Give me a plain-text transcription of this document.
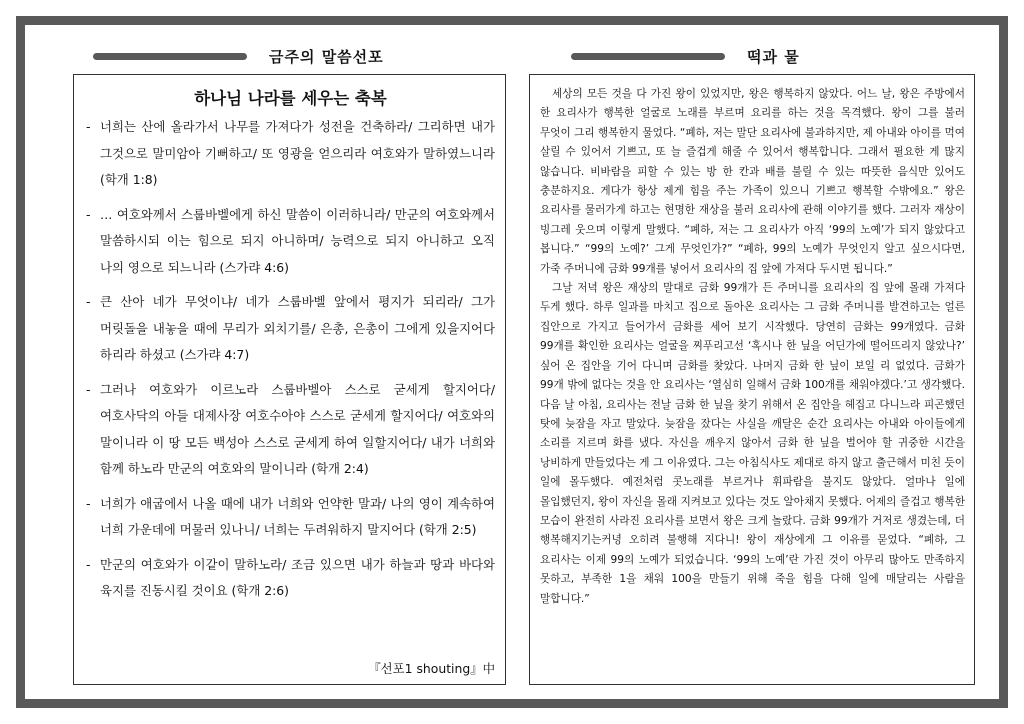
금주의 말씀선포	떡과 물
하나님 나라를 세우는 축복
- 너희는 산에 올라가서 나무를 가져다가 성전을 건축하라/ 그리하면 내가 그것으로 말미암아 기뻐하고/ 또 영광을 얻으리라 여호와가 말하였느니라 (학개 1:8)
- … 여호와께서 스룹바벨에게 하신 말씀이 이러하니라/ 만군의 여호와께서 말씀하시되 이는 힘으로 되지 아니하며/ 능력으로 되지 아니하고 오직 나의 영으로 되느니라 (스가랴 4:6)
- 큰 산아 네가 무엇이냐/ 네가 스룹바벨 앞에서 평지가 되리라/ 그가 머릿돌을 내놓을 때에 무리가 외치기를/ 은총, 은총이 그에게 있을지어다 하리라 하셨고 (스가랴 4:7)
- 그러나 여호와가 이르노라 스룹바벨아 스스로 굳세게 할지어다/ 여호사닥의 아들 대제사장 여호수아야 스스로 굳세게 할지어다/ 여호와의 말이니라 이 땅 모든 백성아 스스로 굳세게 하여 일할지어다/ 내가 너희와 함께 하노라 만군의 여호와의 말이니라 (학개 2:4)
- 너희가 애굽에서 나올 때에 내가 너희와 언약한 말과/ 나의 영이 계속하여 너희 가운데에 머물러 있나니/ 너희는 두려워하지 말지어다 (학개 2:5)
- 만군의 여호와가 이같이 말하노라/ 조금 있으면 내가 하늘과 땅과 바다와 육지를 진동시킬 것이요 (학개 2:6)
『선포1 shouting』中

세상의 모든 것을 다 가진 왕이 있었지만, 왕은 행복하지 않았다. 어느 날, 왕은 주방에서 한 요리사가 행복한 얼굴로 노래를 부르며 요리를 하는 것을 목격했다. 왕이 그를 불러 무엇이 그리 행복한지 물었다. “폐하, 저는 말단 요리사에 불과하지만, 제 아내와 아이를 먹여 살릴 수 있어서 기쁘고, 또 늘 즐겁게 해줄 수 있어서 행복합니다. 그래서 필요한 게 많지 않습니다. 비바람을 피할 수 있는 방 한 칸과 배를 불릴 수 있는 따뜻한 음식만 있어도 충분하지요. 게다가 항상 제게 힘을 주는 가족이 있으니 기쁘고 행복할 수밖에요.” 왕은 요리사를 물러가게 하고는 현명한 재상을 불러 요리사에 관해 이야기를 했다. 그러자 재상이 빙그레 웃으며 이렇게 말했다. “폐하, 저는 그 요리사가 아직 ‘99의 노예’가 되지 않았다고 봅니다.” “99의 노예?’ 그게 무엇인가?” “폐하, 99의 노예가 무엇인지 알고 싶으시다면, 가죽 주머니에 금화 99개를 넣어서 요리사의 집 앞에 가져다 두시면 됩니다.”

그날 저녁 왕은 재상의 말대로 금화 99개가 든 주머니를 요리사의 집 앞에 몰래 가져다 두게 했다. 하루 일과를 마치고 집으로 돌아온 요리사는 그 금화 주머니를 발견하고는 얼른 집안으로 가지고 들어가서 금화를 세어 보기 시작했다. 당연히 금화는 99개였다. 금화 99개를 확인한 요리사는 얼굴을 찌푸리고선 ‘혹시나 한 닢을 어딘가에 떨어뜨리지 않았나?’ 싶어 온 집안을 기어 다니며 금화를 찾았다. 나머지 금화 한 닢이 보일 리 없었다. 금화가 99개 밖에 없다는 것을 안 요리사는 ‘열심히 일해서 금화 100개를 채워야겠다.’고 생각했다. 다음 날 아침, 요리사는 전날 금화 한 닢을 찾기 위해서 온 집안을 헤집고 다니느라 피곤했던 탓에 늦잠을 자고 말았다. 늦잠을 잤다는 사실을 깨달은 순간 요리사는 아내와 아이들에게 소리를 지르며 화를 냈다. 자신을 깨우지 않아서 금화 한 닢을 벌어야 할 귀중한 시간을 낭비하게 만들었다는 게 그 이유였다. 그는 아침식사도 제대로 하지 않고 출근해서 미친 듯이 일에 몰두했다. 예전처럼 콧노래를 부르거나 휘파람을 불지도 않았다. 얼마나 일에 몰입했던지, 왕이 자신을 몰래 지켜보고 있다는 것도 알아채지 못했다. 어제의 즐겁고 행복한 모습이 완전히 사라진 요리사를 보면서 왕은 크게 놀랐다. 금화 99개가 거저로 생겼는데, 더 행복해지기는커녕 오히려 불행해 지다니! 왕이 재상에게 그 이유를 묻었다. “폐하, 그 요리사는 이제 99의 노예가 되었습니다. ‘99의 노예’란 가진 것이 아무리 많아도 만족하지 못하고, 부족한 1을 채워 100을 만들기 위해 죽을 힘을 다해 일에 매달리는 사람을 말합니다.”
